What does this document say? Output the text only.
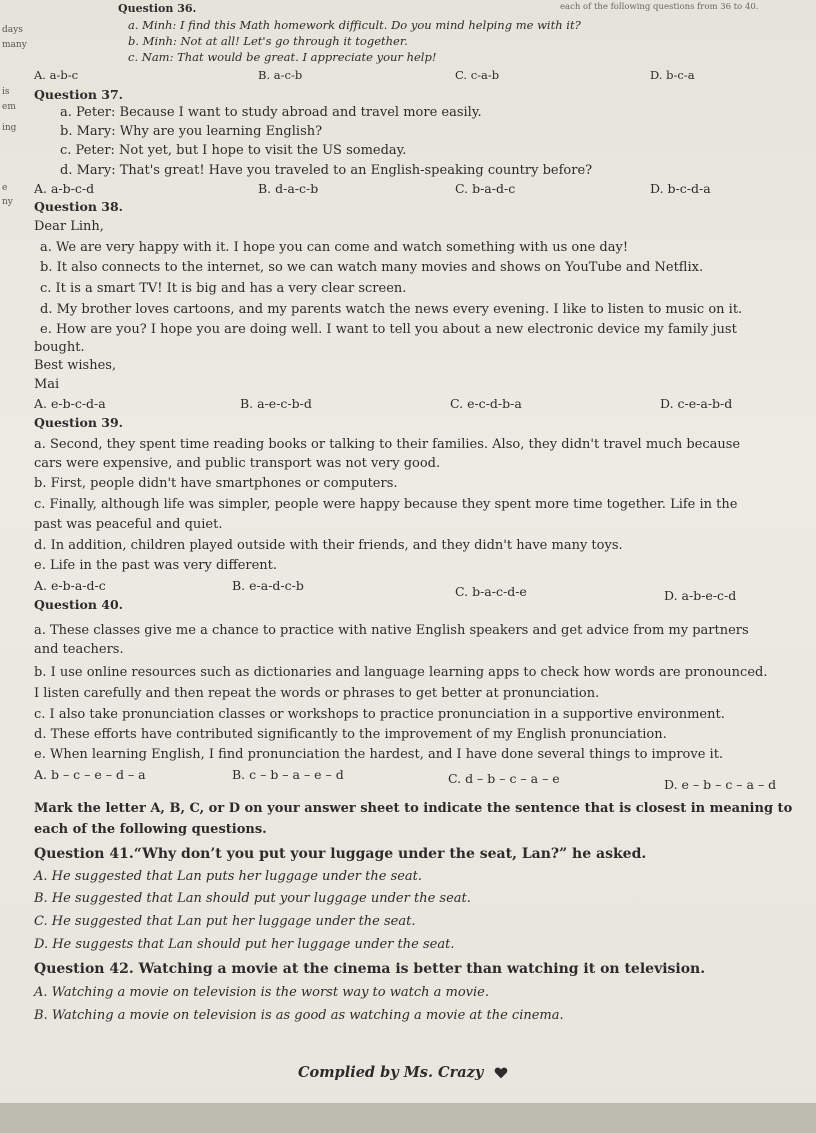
Question 36.	each of the following questions from 36 to 40.
days
many
is
em
ing
e
ny
a. Minh: I find this Math homework difficult. Do you mind helping me with it?
b. Minh: Not at all! Let's go through it together.
c. Nam: That would be great. I appreciate your help!
A. a-b-c	B. a-c-b	C. c-a-b	D. b-c-a
Question 37.
a. Peter: Because I want to study abroad and travel more easily.
b. Mary: Why are you learning English?
c. Peter: Not yet, but I hope to visit the US someday.
d. Mary: That's great! Have you traveled to an English-speaking country before?
A. a-b-c-d	B. d-a-c-b	C. b-a-d-c	D. b-c-d-a
Question 38.
Dear Linh,
a. We are very happy with it. I hope you can come and watch something with us one day!
b. It also connects to the internet, so we can watch many movies and shows on YouTube and Netflix.
c. It is a smart TV! It is big and has a very clear screen.
d. My brother loves cartoons, and my parents watch the news every evening. I like to listen to music on it.
e. How are you? I hope you are doing well. I want to tell you about a new electronic device my family just
bought.
Best wishes,
Mai
A. e-b-c-d-a	B. a-e-c-b-d	C. e-c-d-b-a	D. c-e-a-b-d
Question 39.
a. Second, they spent time reading books or talking to their families. Also, they didn't travel much because
cars were expensive, and public transport was not very good.
b. First, people didn't have smartphones or computers.
c. Finally, although life was simpler, people were happy because they spent more time together. Life in the
past was peaceful and quiet.
d. In addition, children played outside with their friends, and they didn't have many toys.
e. Life in the past was very different.
A. e-b-a-d-c	B. e-a-d-c-b	C. b-a-c-d-e	D. a-b-e-c-d
Question 40.
a. These classes give me a chance to practice with native English speakers and get advice from my partners
and teachers.
b. I use online resources such as dictionaries and language learning apps to check how words are pronounced.
I listen carefully and then repeat the words or phrases to get better at pronunciation.
c. I also take pronunciation classes or workshops to practice pronunciation in a supportive environment.
d. These efforts have contributed significantly to the improvement of my English pronunciation.
e. When learning English, I find pronunciation the hardest, and I have done several things to improve it.
A. b – c – e – d – a	B. c – b – a – e – d	C. d – b – c – a – e	D. e – b – c – a – d
Mark the letter A, B, C, or D on your answer sheet to indicate the sentence that is closest in meaning to
each of the following questions.
Question 41.“Why don’t you put your luggage under the seat, Lan?” he asked.
A. He suggested that Lan puts her luggage under the seat.
B. He suggested that Lan should put your luggage under the seat.
C. He suggested that Lan put her luggage under the seat.
D. He suggests that Lan should put her luggage under the seat.
Question 42. Watching a movie at the cinema is better than watching it on television.
A. Watching a movie on television is the worst way to watch a movie.
B. Watching a movie on television is as good as watching a movie at the cinema.
Complied by Ms. Crazy
